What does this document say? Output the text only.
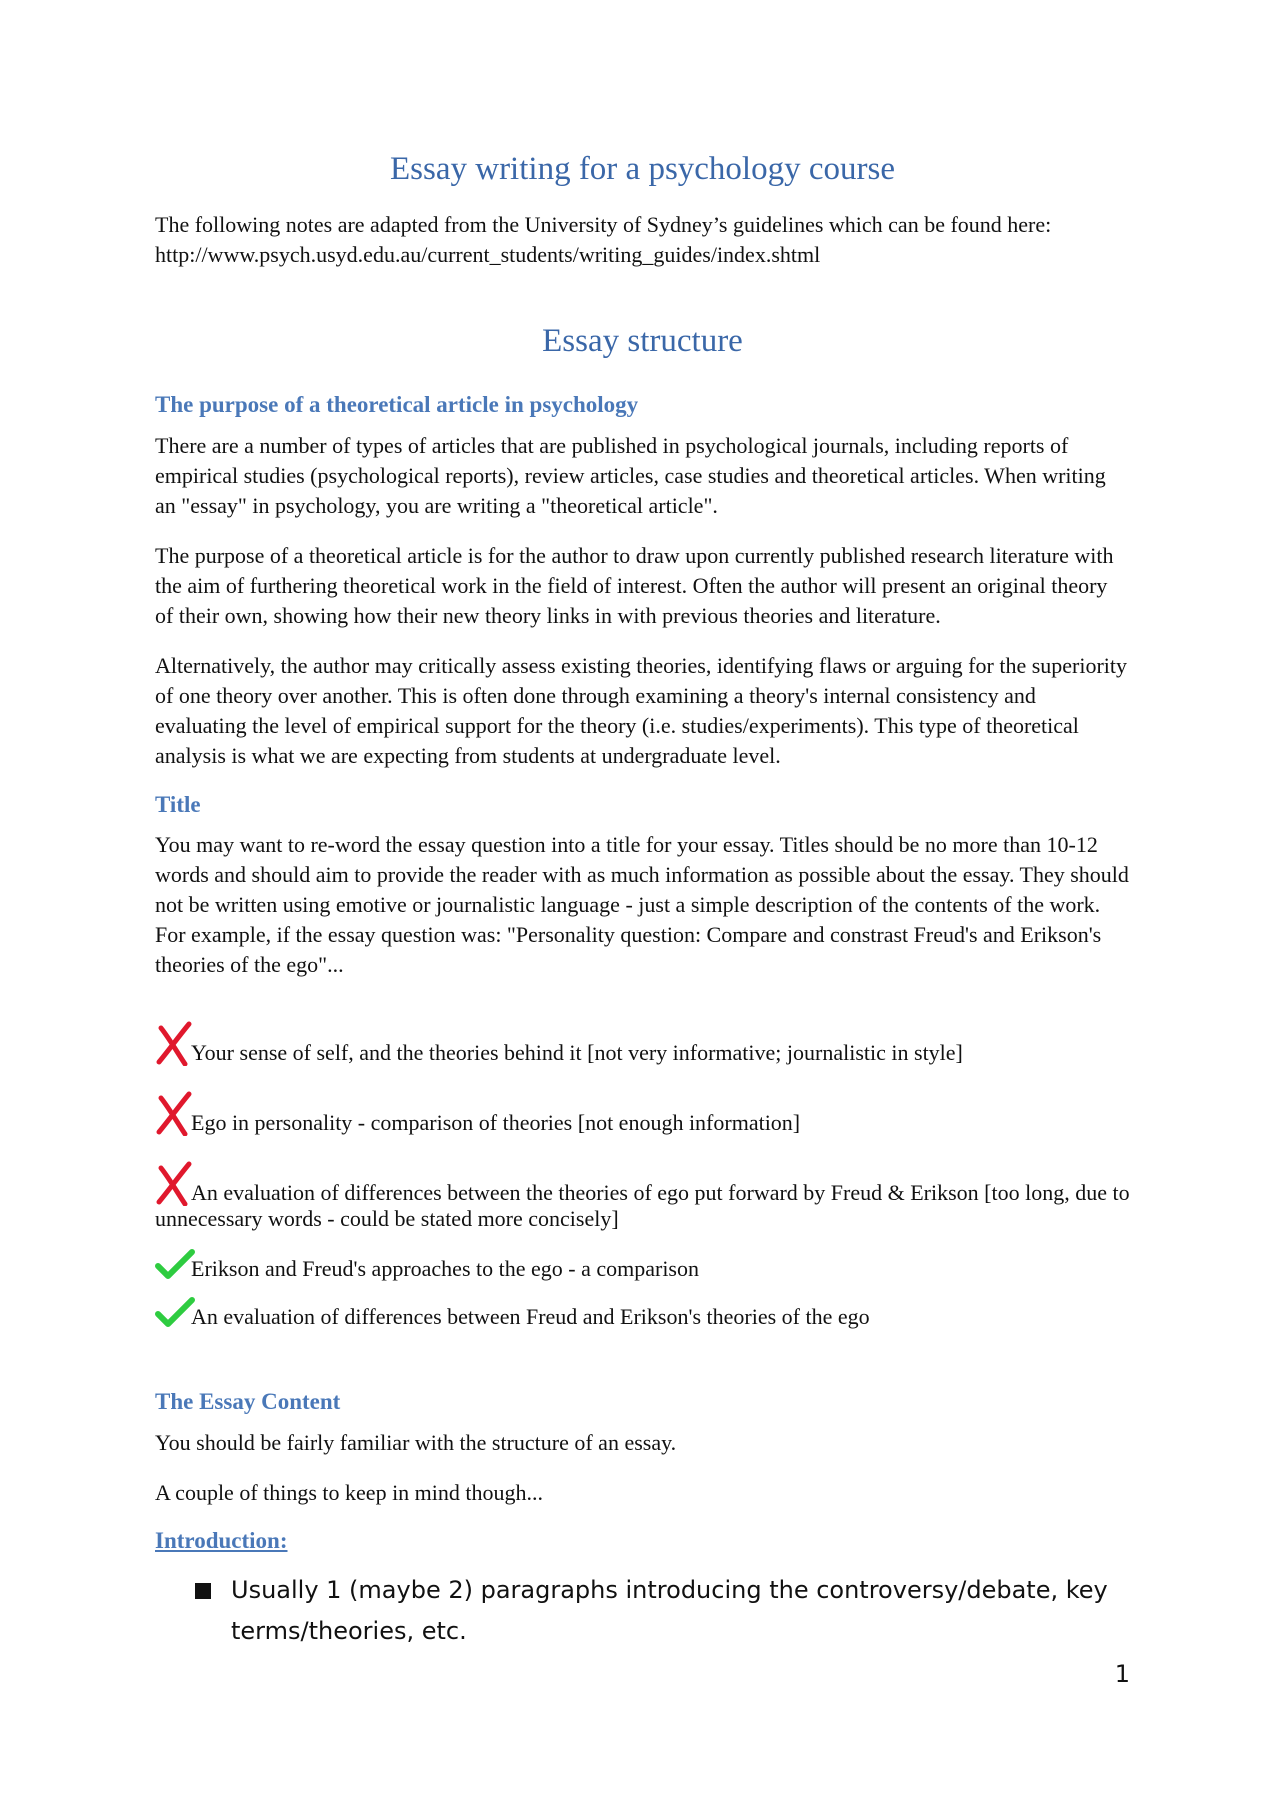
Essay writing for a psychology course

The following notes are adapted from the University of Sydney’s guidelines which can be found here:

http://www.psych.usyd.edu.au/current_students/writing_guides/index.shtml

Essay structure
The purpose of a theoretical article in psychology

There are a number of types of articles that are published in psychological journals, including reports of empirical studies (psychological reports), review articles, case studies and theoretical articles. When writing an "essay" in psychology, you are writing a "theoretical article".

The purpose of a theoretical article is for the author to draw upon currently published research literature with the aim of furthering theoretical work in the field of interest. Often the author will present an original theory of their own, showing how their new theory links in with previous theories and literature.

Alternatively, the author may critically assess existing theories, identifying flaws or arguing for the superiority of one theory over another. This is often done through examining a theory's internal consistency and evaluating the level of empirical support for the theory (i.e. studies/experiments). This type of theoretical analysis is what we are expecting from students at undergraduate level.

Title

You may want to re-word the essay question into a title for your essay. Titles should be no more than 10-12 words and should aim to provide the reader with as much information as possible about the essay. They should not be written using emotive or journalistic language - just a simple description of the contents of the work. For example, if the essay question was: "Personality question: Compare and constrast Freud's and Erikson's theories of the ego"...

Your sense of self, and the theories behind it [not very informative; journalistic in style]
Ego in personality - comparison of theories [not enough information]
An evaluation of differences between the theories of ego put forward by Freud & Erikson [too long, due to unnecessary words - could be stated more concisely]
Erikson and Freud's approaches to the ego - a comparison
An evaluation of differences between Freud and Erikson's theories of the ego
The Essay Content

You should be fairly familiar with the structure of an essay.

A couple of things to keep in mind though...

Introduction:
Usually 1 (maybe 2) paragraphs introducing the controversy/debate, key terms/theories, etc.
1
